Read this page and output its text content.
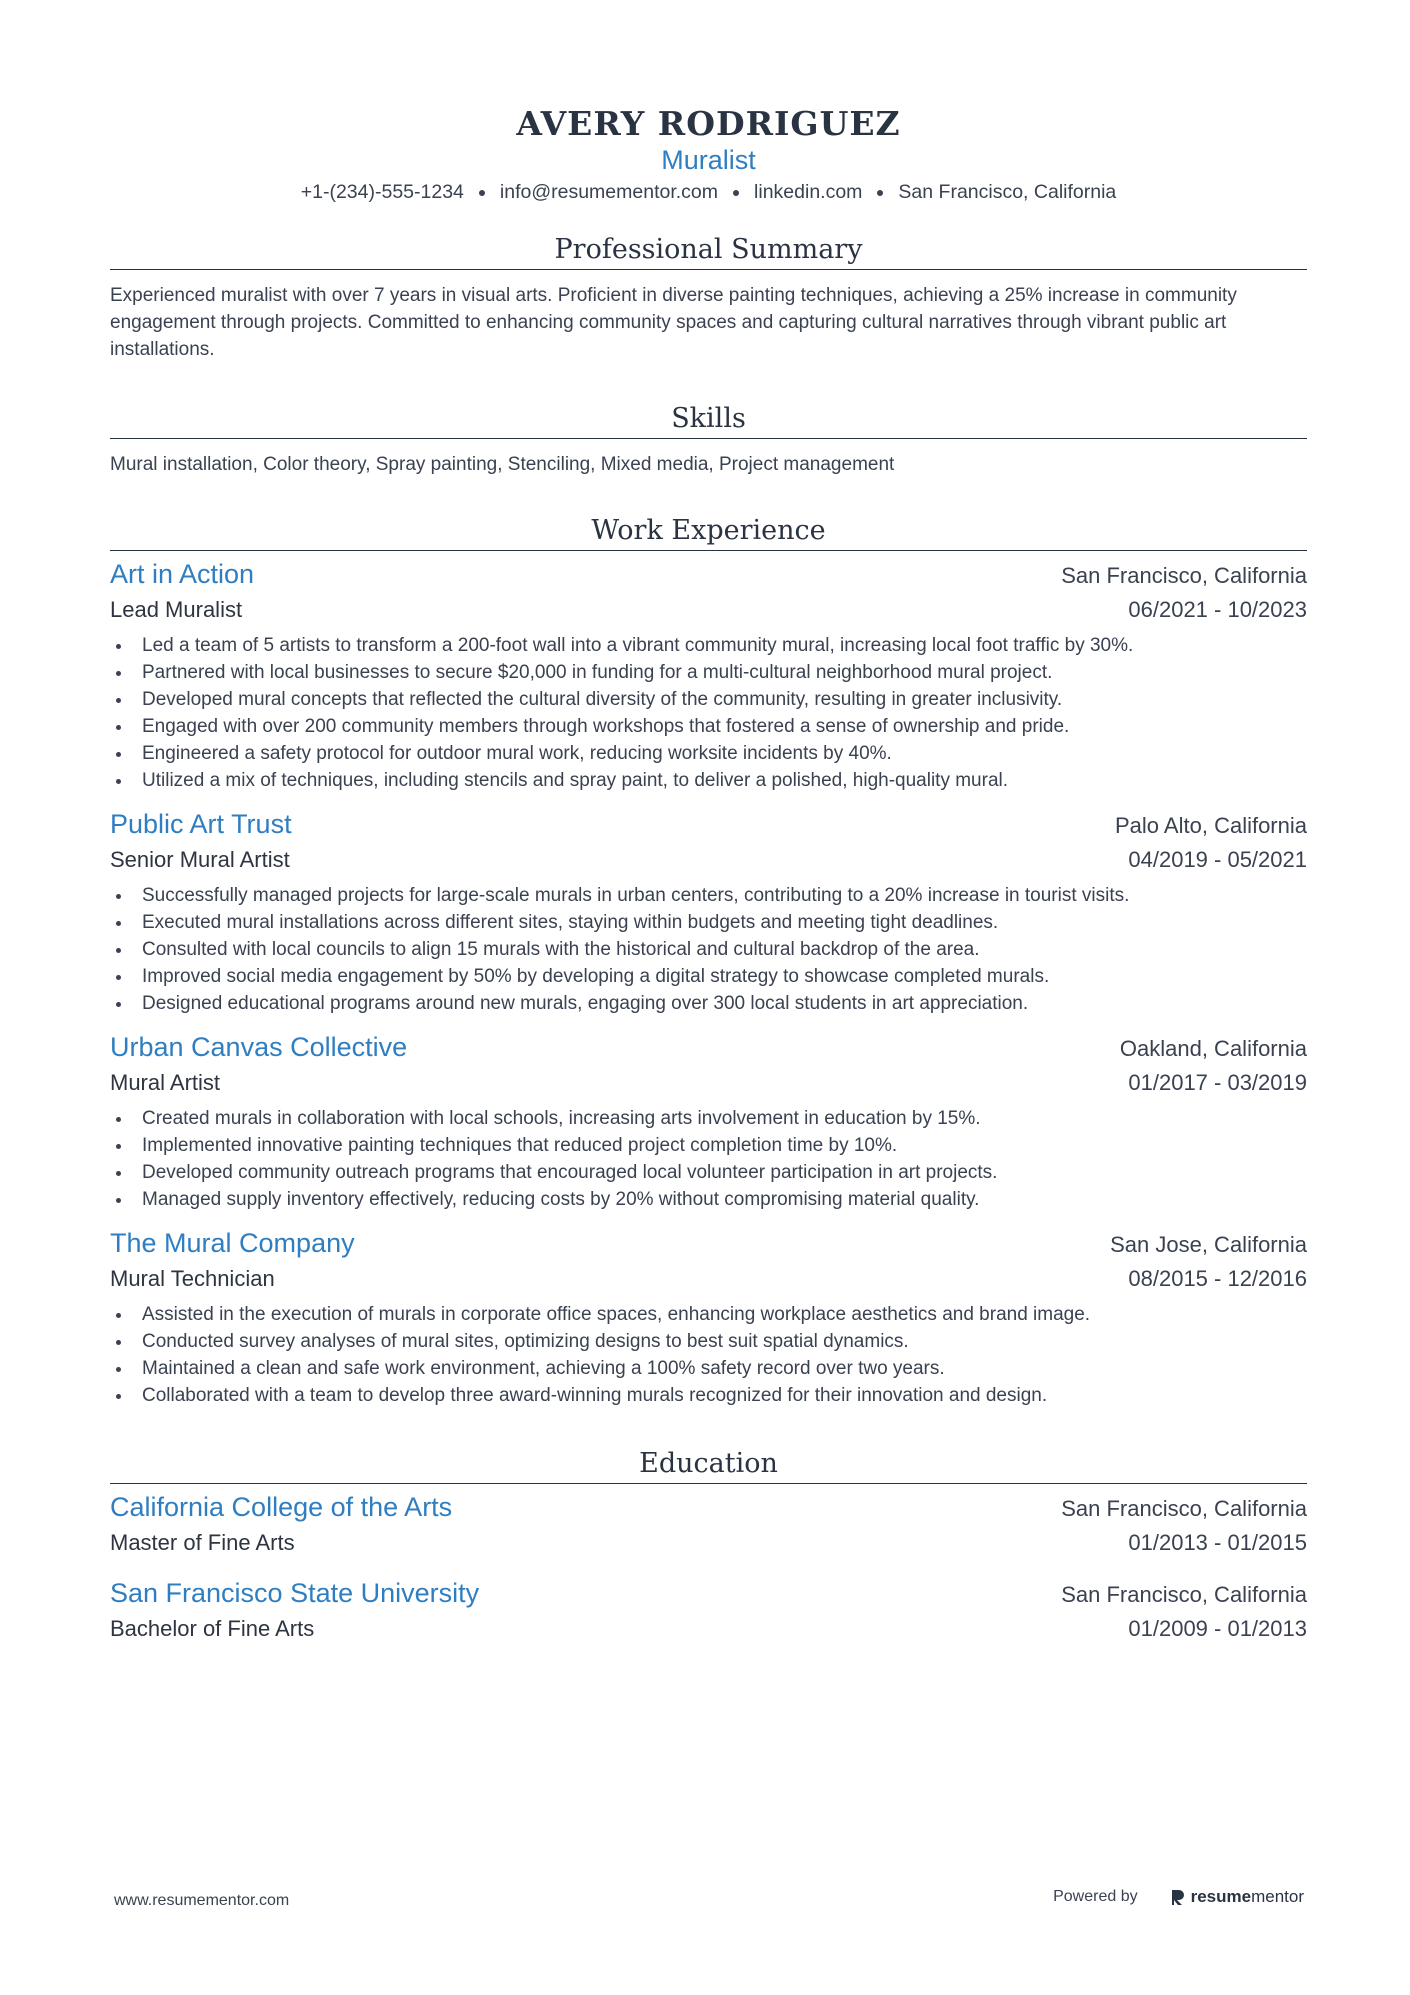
AVERY RODRIGUEZ
Muralist
+1-(234)-555-1234 info@resumementor.com linkedin.com San Francisco, California
Professional Summary
Experienced muralist with over 7 years in visual arts. Proficient in diverse painting techniques, achieving a 25% increase in community engagement through projects. Committed to enhancing community spaces and capturing cultural narratives through vibrant public art installations.
Skills
Mural installation, Color theory, Spray painting, Stenciling, Mixed media, Project management
Work Experience
Art in Action	San Francisco, California
Lead Muralist	06/2021 - 10/2023
Led a team of 5 artists to transform a 200-foot wall into a vibrant community mural, increasing local foot traffic by 30%.
Partnered with local businesses to secure $20,000 in funding for a multi-cultural neighborhood mural project.
Developed mural concepts that reflected the cultural diversity of the community, resulting in greater inclusivity.
Engaged with over 200 community members through workshops that fostered a sense of ownership and pride.
Engineered a safety protocol for outdoor mural work, reducing worksite incidents by 40%.
Utilized a mix of techniques, including stencils and spray paint, to deliver a polished, high-quality mural.
Public Art Trust	Palo Alto, California
Senior Mural Artist	04/2019 - 05/2021
Successfully managed projects for large-scale murals in urban centers, contributing to a 20% increase in tourist visits.
Executed mural installations across different sites, staying within budgets and meeting tight deadlines.
Consulted with local councils to align 15 murals with the historical and cultural backdrop of the area.
Improved social media engagement by 50% by developing a digital strategy to showcase completed murals.
Designed educational programs around new murals, engaging over 300 local students in art appreciation.
Urban Canvas Collective	Oakland, California
Mural Artist	01/2017 - 03/2019
Created murals in collaboration with local schools, increasing arts involvement in education by 15%.
Implemented innovative painting techniques that reduced project completion time by 10%.
Developed community outreach programs that encouraged local volunteer participation in art projects.
Managed supply inventory effectively, reducing costs by 20% without compromising material quality.
The Mural Company	San Jose, California
Mural Technician	08/2015 - 12/2016
Assisted in the execution of murals in corporate office spaces, enhancing workplace aesthetics and brand image.
Conducted survey analyses of mural sites, optimizing designs to best suit spatial dynamics.
Maintained a clean and safe work environment, achieving a 100% safety record over two years.
Collaborated with a team to develop three award-winning murals recognized for their innovation and design.
Education
California College of the Arts	San Francisco, California
Master of Fine Arts	01/2013 - 01/2015
San Francisco State University	San Francisco, California
Bachelor of Fine Arts	01/2009 - 01/2013
www.resumementor.com	Powered by	resume mentor
